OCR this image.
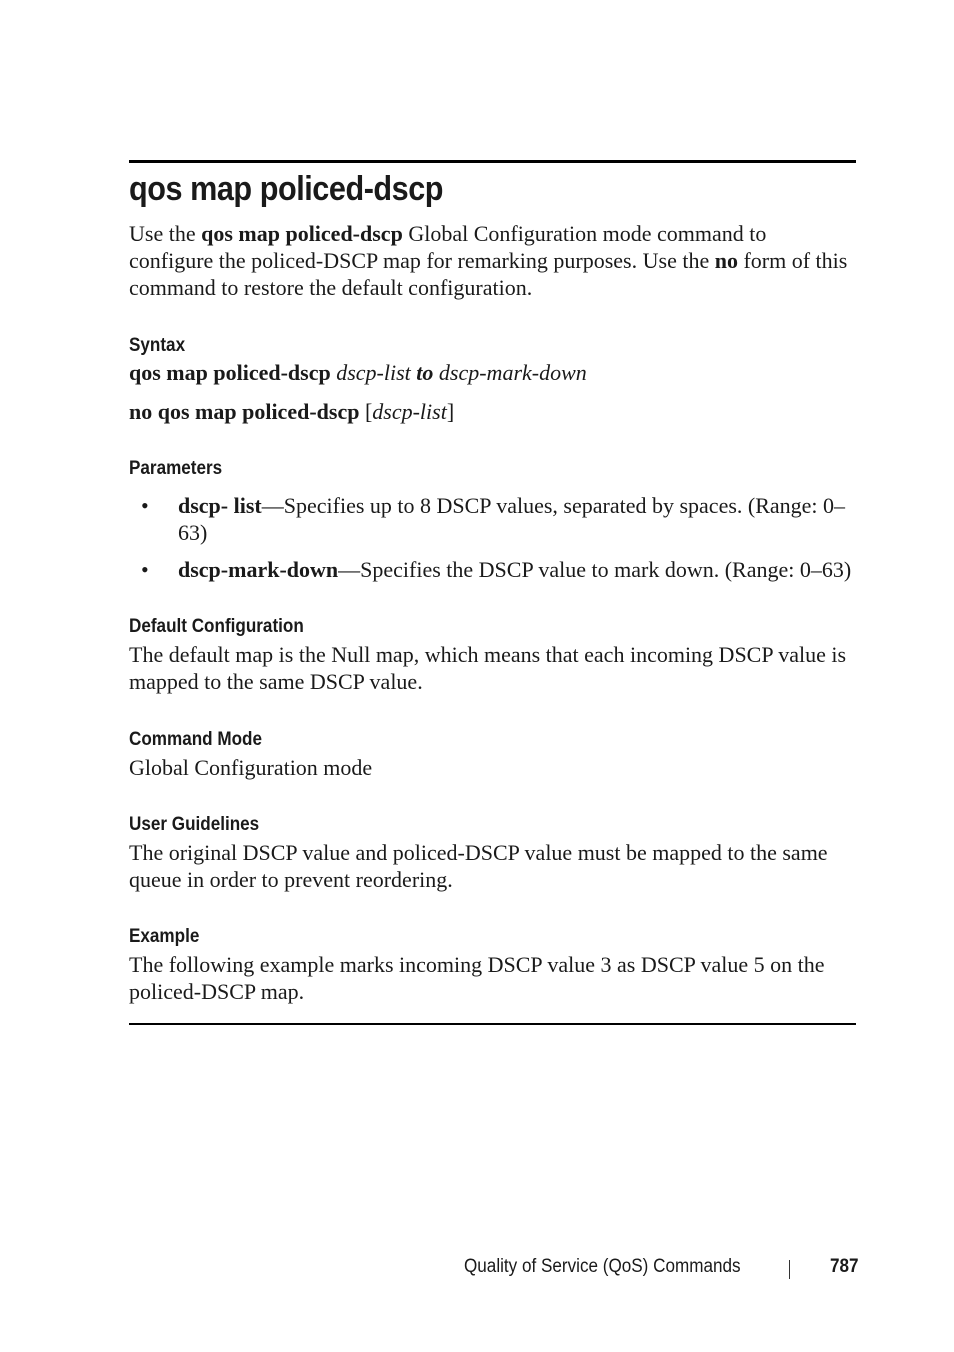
qos map policed-dscp

Use the qos map policed-dscp Global Configuration mode command to configure the policed-DSCP map for remarking purposes. Use the no form of this command to restore the default configuration.

Syntax

qos map policed-dscp dscp-list to dscp-mark-down

no qos map policed-dscp [dscp-list]

Parameters
• dscp- list—Specifies up to 8 DSCP values, separated by spaces. (Range: 0–63)

• dscp-mark-down—Specifies the DSCP value to mark down. (Range: 0–63)

Default Configuration

The default map is the Null map, which means that each incoming DSCP value is mapped to the same DSCP value.

Command Mode

Global Configuration mode

User Guidelines

The original DSCP value and policed-DSCP value must be mapped to the same queue in order to prevent reordering.

Example

The following example marks incoming DSCP value 3 as DSCP value 5 on the policed-DSCP map.

Quality of Service (QoS) Commands	787
